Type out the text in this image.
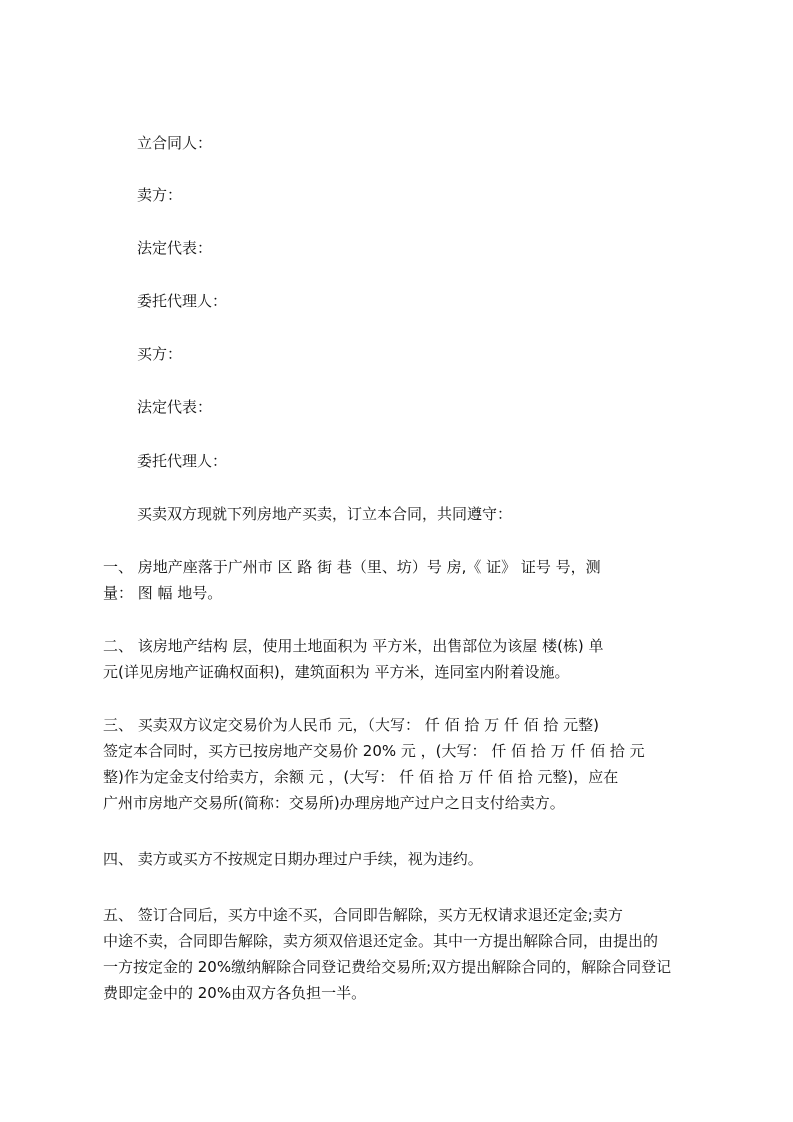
立合同人：
卖方：
法定代表：
委托代理人：
买方：
法定代表：
委托代理人：
买卖双方现就下列房地产买卖，订立本合同，共同遵守：
一、 房地产座落于广州市 区 路 街 巷（里、坊）号 房,《 证》 证号 号，测
量： 图 幅 地号。
二、 该房地产结构 层，使用土地面积为 平方米，出售部位为该屋 楼(栋) 单
元(详见房地产证确权面积)，建筑面积为 平方米，连同室内附着设施。
三、 买卖双方议定交易价为人民币 元，（大写： 仟 佰 拾 万 仟 佰 拾 元整)
签定本合同时，买方已按房地产交易价 20% 元 ，(大写： 仟 佰 拾 万 仟 佰 拾 元
整)作为定金支付给卖方，余额 元 ，(大写： 仟 佰 拾 万 仟 佰 拾 元整)，应在
广州市房地产交易所(简称：交易所)办理房地产过户之日支付给卖方。
四、 卖方或买方不按规定日期办理过户手续，视为违约。
五、 签订合同后，买方中途不买，合同即告解除，买方无权请求退还定金;卖方
中途不卖，合同即告解除，卖方须双倍退还定金。其中一方提出解除合同，由提出的
一方按定金的 20%缴纳解除合同登记费给交易所;双方提出解除合同的，解除合同登记
费即定金中的 20%由双方各负担一半。
